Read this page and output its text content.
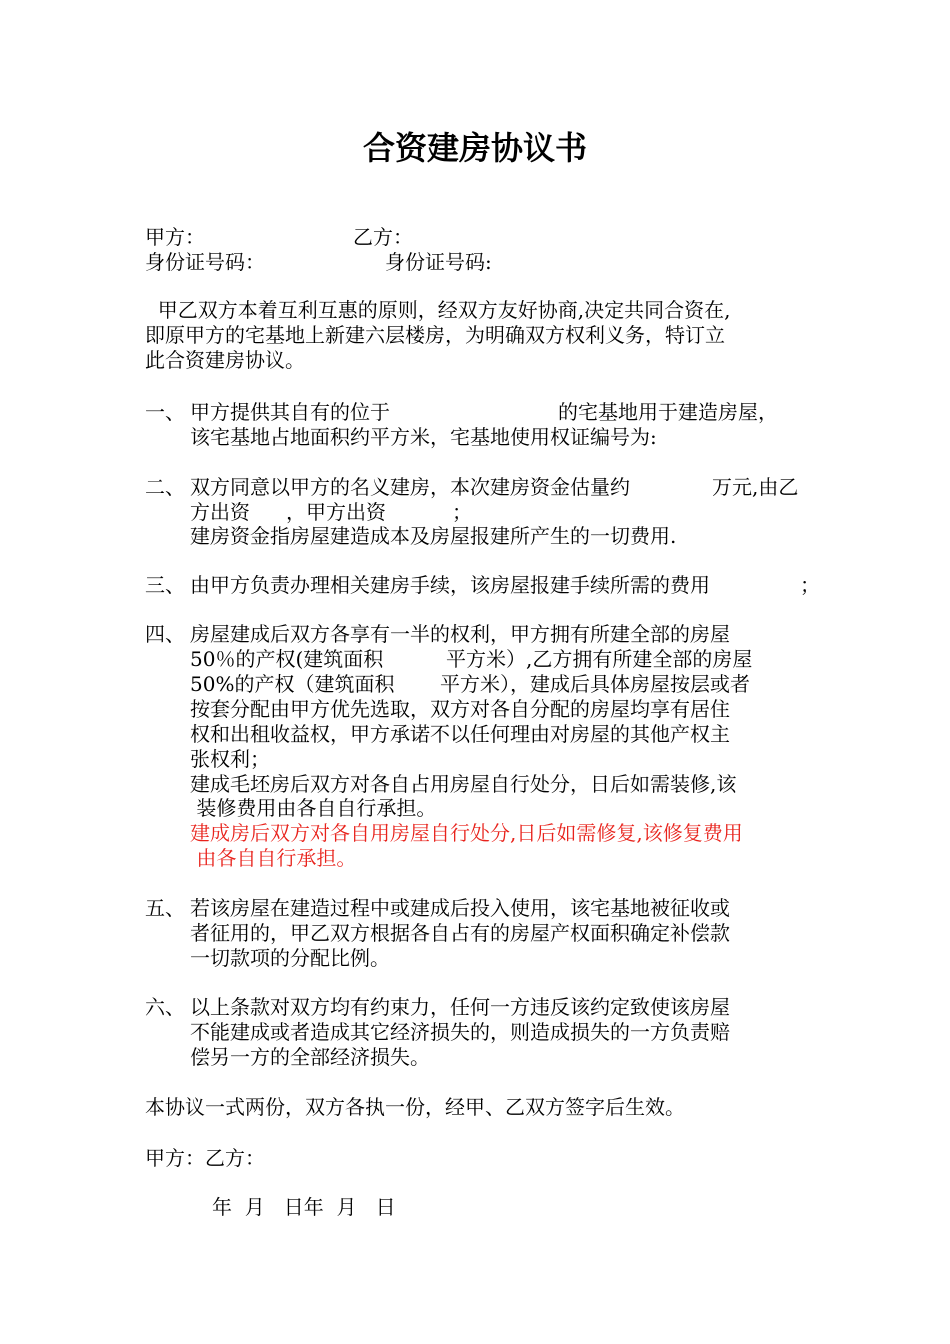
合资建房协议书
甲方：	乙方：
身份证号码：	身份证号码:
甲乙双方本着互利互惠的原则，经双方友好协商,决定共同合资在,
即原甲方的宅基地上新建六层楼房，为明确双方权利义务，特订立
此合资建房协议。
一、 甲方提供其自有的位于	的宅基地用于建造房屋，
该宅基地占地面积约平方米，宅基地使用权证编号为:
二、 双方同意以甲方的名义建房，本次建房资金估量约	万元,由乙
方出资 ，甲方出资	；
建房资金指房屋建造成本及房屋报建所产生的一切费用.
三、 由甲方负责办理相关建房手续，该房屋报建手续所需的费用	；
四、 房屋建成后双方各享有一半的权利，甲方拥有所建全部的房屋
50％的产权(建筑面积	平方米）,乙方拥有所建全部的房屋
50%的产权（建筑面积 平方米），建成后具体房屋按层或者
按套分配由甲方优先选取，双方对各自分配的房屋均享有居住
权和出租收益权，甲方承诺不以任何理由对房屋的其他产权主
张权利；
建成毛坯房后双方对各自占用房屋自行处分，日后如需装修,该
装修费用由各自自行承担。
建成房后双方对各自用房屋自行处分,日后如需修复,该修复费用
由各自自行承担。
五、 若该房屋在建造过程中或建成后投入使用，该宅基地被征收或
者征用的，甲乙双方根据各自占有的房屋产权面积确定补偿款
一切款项的分配比例。
六、 以上条款对双方均有约束力，任何一方违反该约定致使该房屋
不能建成或者造成其它经济损失的，则造成损失的一方负责赔
偿另一方的全部经济损失。
本协议一式两份，双方各执一份，经甲、乙双方签字后生效。
甲方：乙方：
年  月   日年  月   日
